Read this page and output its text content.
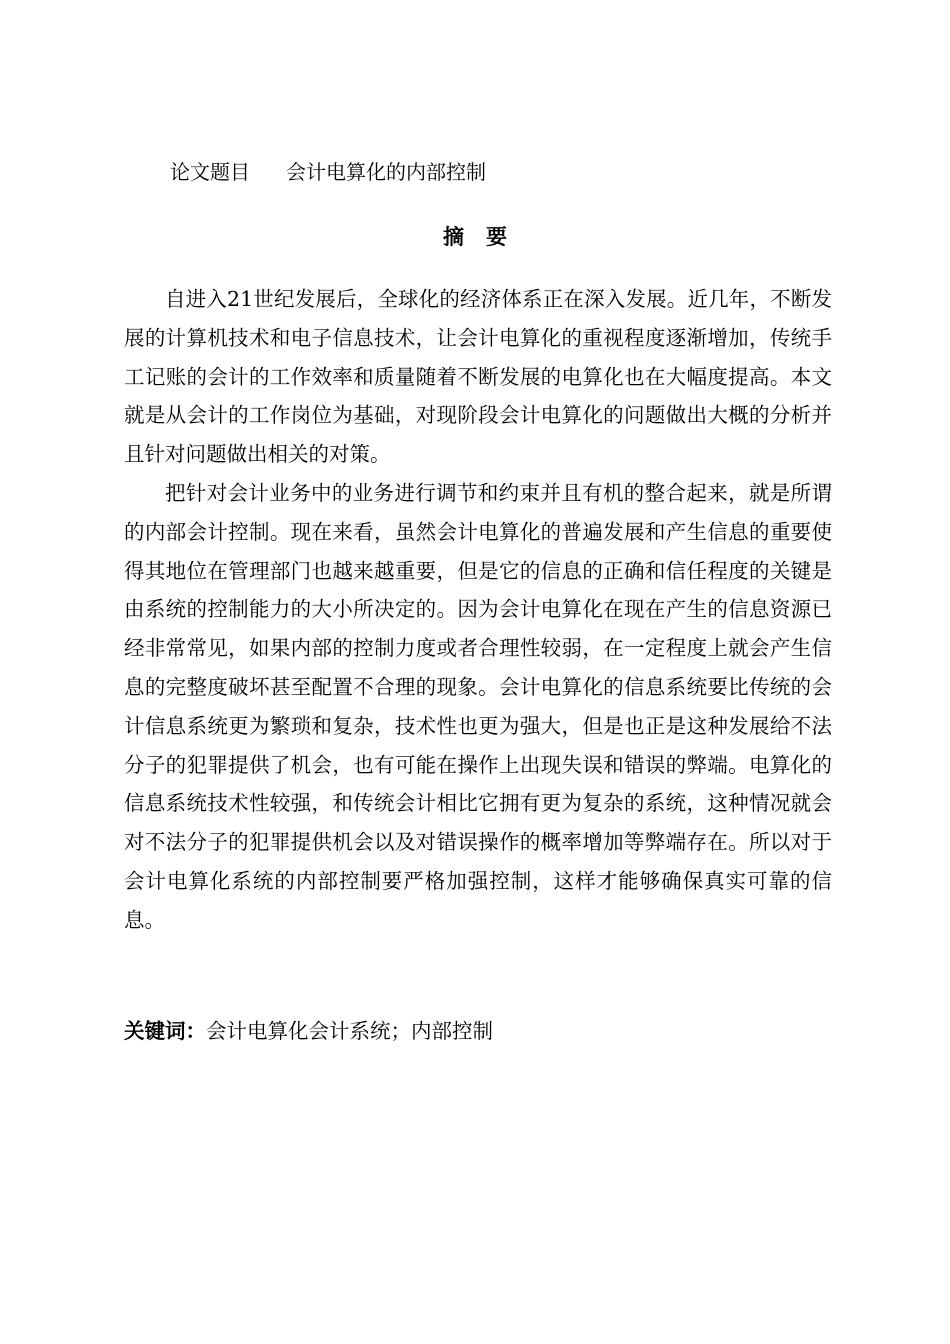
论文题目 会计电算化的内部控制
摘要

自进入21世纪发展后，全球化的经济体系正在深入发展。近几年，不断发展的计算机技术和电子信息技术，让会计电算化的重视程度逐渐增加，传统手工记账的会计的工作效率和质量随着不断发展的电算化也在大幅度提高。本文就是从会计的工作岗位为基础，对现阶段会计电算化的问题做出大概的分析并且针对问题做出相关的对策。

把针对会计业务中的业务进行调节和约束并且有机的整合起来，就是所谓的内部会计控制。现在来看，虽然会计电算化的普遍发展和产生信息的重要使得其地位在管理部门也越来越重要，但是它的信息的正确和信任程度的关键是由系统的控制能力的大小所决定的。因为会计电算化在现在产生的信息资源已经非常常见，如果内部的控制力度或者合理性较弱，在一定程度上就会产生信息的完整度破坏甚至配置不合理的现象。会计电算化的信息系统要比传统的会计信息系统更为繁琐和复杂，技术性也更为强大，但是也正是这种发展给不法分子的犯罪提供了机会，也有可能在操作上出现失误和错误的弊端。电算化的信息系统技术性较强，和传统会计相比它拥有更为复杂的系统，这种情况就会对不法分子的犯罪提供机会以及对错误操作的概率增加等弊端存在。所以对于会计电算化系统的内部控制要严格加强控制，这样才能够确保真实可靠的信息。

关键词：会计电算化会计系统；内部控制
